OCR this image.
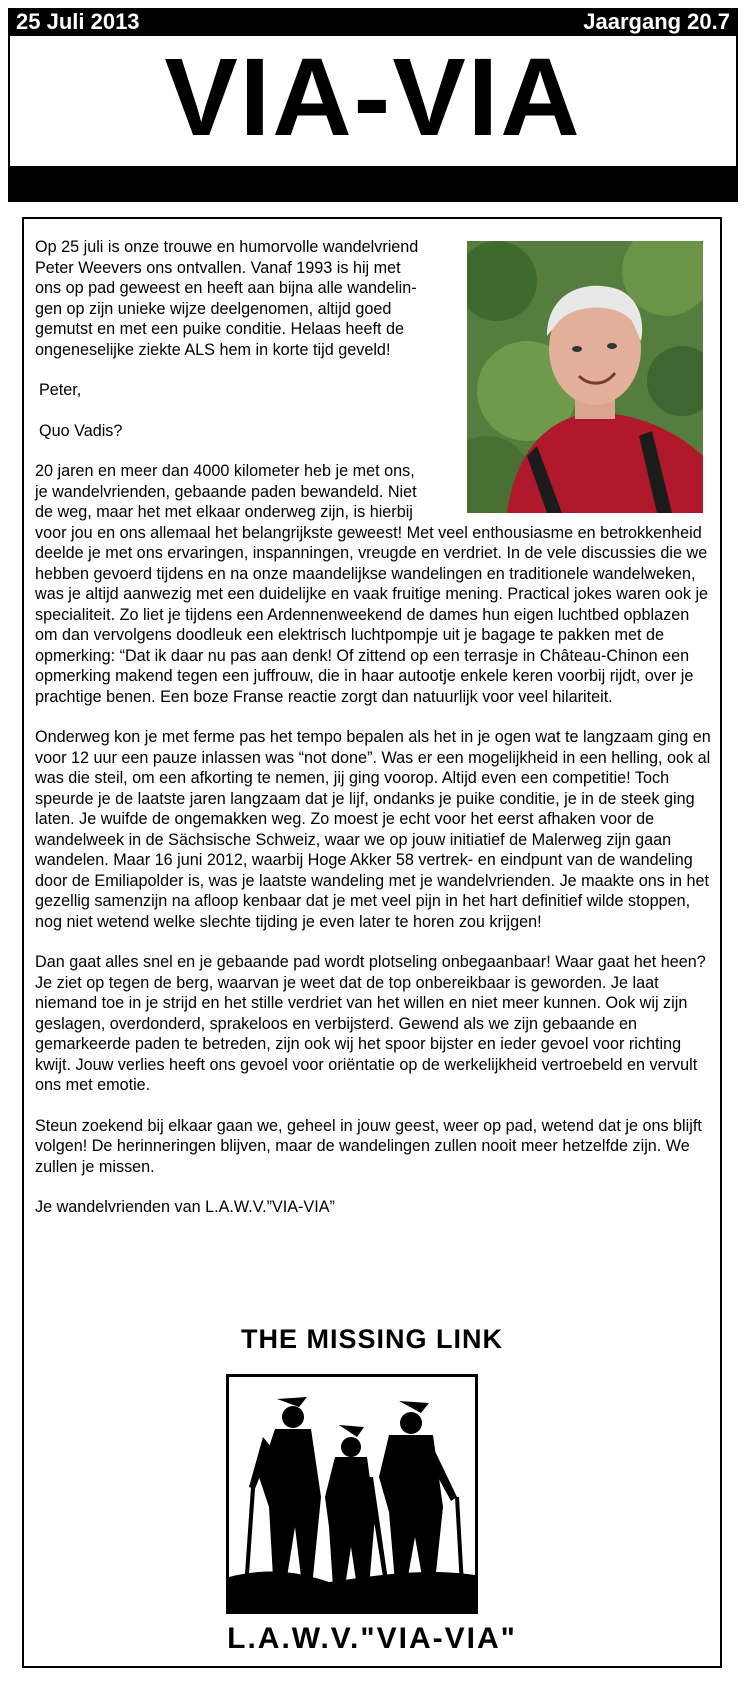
25 Juli 2013	Jaargang 20.7
VIA-VIA

Op 25 juli is onze trouwe en humorvolle wandelvriend
Peter Weevers ons ontvallen. Vanaf 1993 is hij met
ons op pad geweest en heeft aan bijna alle wandelin-
gen op zijn unieke wijze deelgenomen, altijd goed
gemutst en met een puike conditie. Helaas heeft de
ongeneselijke ziekte ALS hem in korte tijd geveld!

Peter,

Quo Vadis?

20 jaren en meer dan 4000 kilometer heb je met ons,
je wandelvrienden, gebaande paden bewandeld. Niet
de weg, maar het met elkaar onderweg zijn, is hierbij
voor jou en ons allemaal het belangrijkste geweest! Met veel enthousiasme en betrokkenheid deelde je met ons ervaringen, inspanningen, vreugde en verdriet. In de vele discussies die we hebben gevoerd tijdens en na onze maandelijkse wandelingen en traditionele wandelweken, was je altijd aanwezig met een duidelijke en vaak fruitige mening. Practical jokes waren ook je specialiteit. Zo liet je tijdens een Ardennenweekend de dames hun eigen luchtbed opblazen om dan vervolgens doodleuk een elektrisch luchtpompje uit je bagage te pakken met de opmerking: “Dat ik daar nu pas aan denk! Of zittend op een terrasje in Château-Chinon een opmerking makend tegen een juffrouw, die in haar autootje enkele keren voorbij rijdt, over je prachtige benen. Een boze Franse reactie zorgt dan natuurlijk voor veel hilariteit.

Onderweg kon je met ferme pas het tempo bepalen als het in je ogen wat te langzaam ging en voor 12 uur een pauze inlassen was “not done”. Was er een mogelijkheid in een helling, ook al was die steil, om een afkorting te nemen, jij ging voorop. Altijd even een competitie! Toch speurde je de laatste jaren langzaam dat je lijf, ondanks je puike conditie, je in de steek ging laten. Je wuifde de ongemakken weg. Zo moest je echt voor het eerst afhaken voor de wandelweek in de Sächsische Schweiz, waar we op jouw initiatief de Malerweg zijn gaan wandelen. Maar 16 juni 2012, waarbij Hoge Akker 58 vertrek- en eindpunt van de wandeling door de Emiliapolder is, was je laatste wandeling met je wandelvrienden. Je maakte ons in het gezellig samenzijn na afloop kenbaar dat je met veel pijn in het hart definitief wilde stoppen, nog niet wetend welke slechte tijding je even later te horen zou krijgen!

Dan gaat alles snel en je gebaande pad wordt plotseling onbegaanbaar! Waar gaat het heen? Je ziet op tegen de berg, waarvan je weet dat de top onbereikbaar is geworden. Je laat niemand toe in je strijd en het stille verdriet van het willen en niet meer kunnen. Ook wij zijn geslagen, overdonderd, sprakeloos en verbijsterd. Gewend als we zijn gebaande en gemarkeerde paden te betreden, zijn ook wij het spoor bijster en ieder gevoel voor richting kwijt. Jouw verlies heeft ons gevoel voor oriëntatie op de werkelijkheid vertroebeld en vervult ons met emotie.

Steun zoekend bij elkaar gaan we, geheel in jouw geest, weer op pad, wetend dat je ons blijft volgen! De herinneringen blijven, maar de wandelingen zullen nooit meer hetzelfde zijn. We zullen je missen.

Je wandelvrienden van L.A.W.V.”VIA-VIA”

THE MISSING LINK
L.A.W.V."VIA-VIA"
